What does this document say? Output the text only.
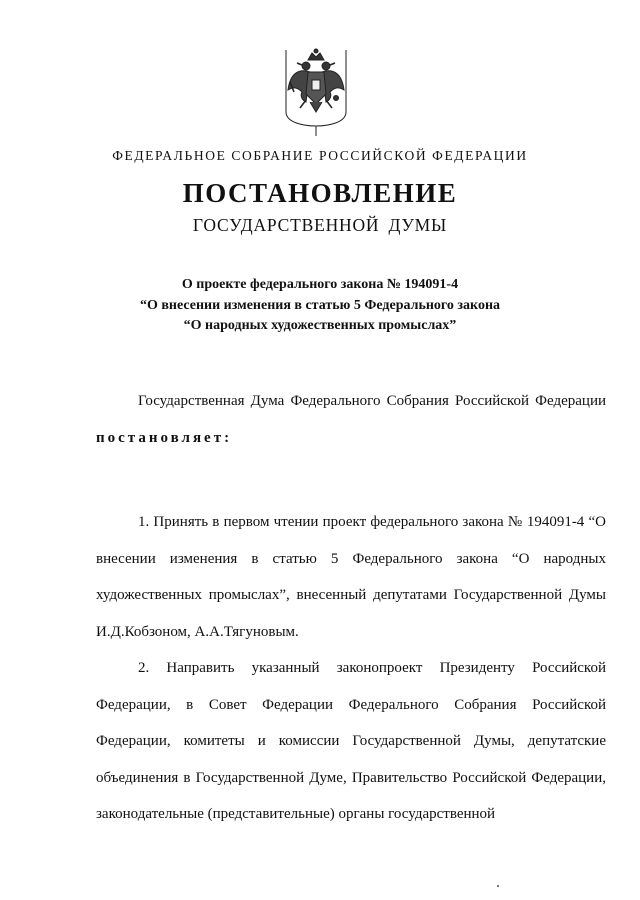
ФЕДЕРАЛЬНОЕ СОБРАНИЕ РОССИЙСКОЙ ФЕДЕРАЦИИ
ПОСТАНОВЛЕНИЕ
ГОСУДАРСТВЕННОЙ ДУМЫ
О проекте федерального закона № 194091-4
“О внесении изменения в статью 5 Федерального закона
“О народных художественных промыслах”

Государственная Дума Федерального Собрания Российской Федерации постановляет:

1. Принять в первом чтении проект федерального закона № 194091-4 “О внесении изменения в статью 5 Федерального закона “О народных художественных промыслах”, внесенный депутатами Государственной Думы И.Д.Кобзоном, А.А.Тягуновым.

2. Направить указанный законопроект Президенту Российской Федерации, в Совет Федерации Федерального Собрания Российской Федерации, комитеты и комиссии Государственной Думы, депутатские объединения в Государственной Думе, Правительство Российской Федерации, законодательные (представительные) органы государственной
